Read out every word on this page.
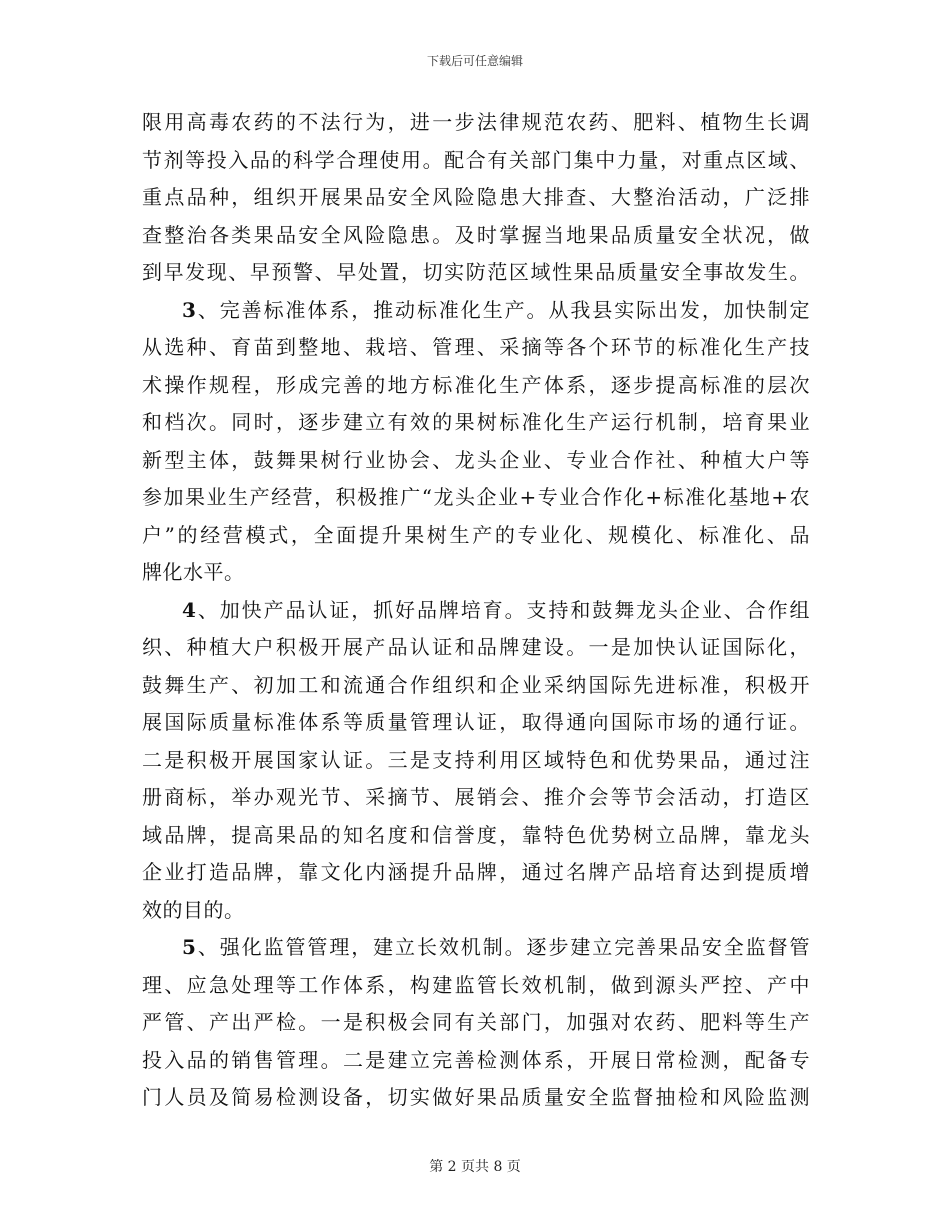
下载后可任意编辑
限用高毒农药的不法行为，进一步法律规范农药、肥料、植物生长调
节剂等投入品的科学合理使用。配合有关部门集中力量，对重点区域、
重点品种，组织开展果品安全风险隐患大排查、大整治活动，广泛排
查整治各类果品安全风险隐患。及时掌握当地果品质量安全状况，做
到早发现、早预警、早处置，切实防范区域性果品质量安全事故发生。
3、完善标准体系，推动标准化生产。从我县实际出发，加快制定
从选种、育苗到整地、栽培、管理、采摘等各个环节的标准化生产技
术操作规程，形成完善的地方标准化生产体系，逐步提高标准的层次
和档次。同时，逐步建立有效的果树标准化生产运行机制，培育果业
新型主体，鼓舞果树行业协会、龙头企业、专业合作社、种植大户等
参加果业生产经营，积极推广“龙头企业+专业合作化+标准化基地+农
户”的经营模式，全面提升果树生产的专业化、规模化、标准化、品
牌化水平。
4、加快产品认证，抓好品牌培育。支持和鼓舞龙头企业、合作组
织、种植大户积极开展产品认证和品牌建设。一是加快认证国际化，
鼓舞生产、初加工和流通合作组织和企业采纳国际先进标准，积极开
展国际质量标准体系等质量管理认证，取得通向国际市场的通行证。
二是积极开展国家认证。三是支持利用区域特色和优势果品，通过注
册商标，举办观光节、采摘节、展销会、推介会等节会活动，打造区
域品牌，提高果品的知名度和信誉度，靠特色优势树立品牌，靠龙头
企业打造品牌，靠文化内涵提升品牌，通过名牌产品培育达到提质增
效的目的。
5、强化监管管理，建立长效机制。逐步建立完善果品安全监督管
理、应急处理等工作体系，构建监管长效机制，做到源头严控、产中
严管、产出严检。一是积极会同有关部门，加强对农药、肥料等生产
投入品的销售管理。二是建立完善检测体系，开展日常检测，配备专
门人员及简易检测设备，切实做好果品质量安全监督抽检和风险监测
第 2 页共 8 页
